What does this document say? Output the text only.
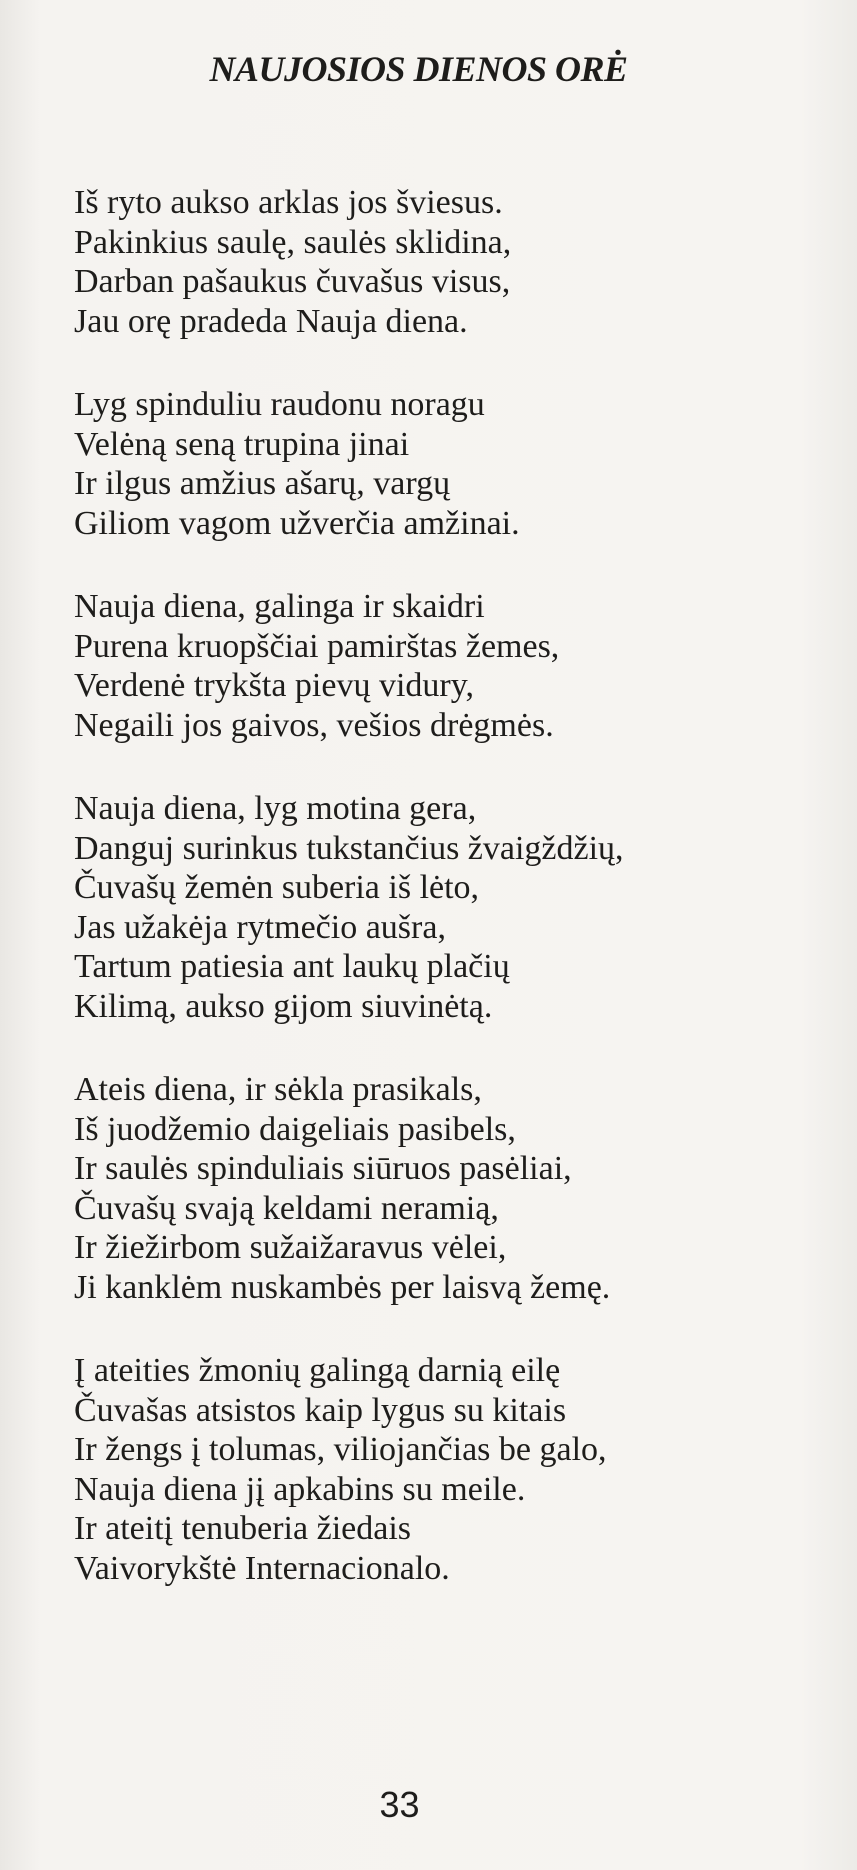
NAUJOSIOS DIENOS ORĖ
Iš ryto aukso arklas jos šviesus.
Pakinkius saulę, saulės sklidina,
Darban pašaukus čuvašus visus,
Jau orę pradeda Nauja diena.
Lyg spinduliu raudonu noragu
Velėną seną trupina jinai
Ir ilgus amžius ašarų, vargų
Giliom vagom užverčia amžinai.
Nauja diena, galinga ir skaidri
Purena kruopščiai pamirštas žemes,
Verdenė trykšta pievų vidury,
Negaili jos gaivos, vešios drėgmės.
Nauja diena, lyg motina gera,
Danguj surinkus tukstančius žvaigždžių,
Čuvašų žemėn suberia iš lėto,
Jas užakėja rytmečio aušra,
Tartum patiesia ant laukų plačių
Kilimą, aukso gijom siuvinėtą.
Ateis diena, ir sėkla prasikals,
Iš juodžemio daigeliais pasibels,
Ir saulės spinduliais siūruos pasėliai,
Čuvašų svają keldami neramią,
Ir žiežirbom sužaižaravus vėlei,
Ji kanklėm nuskambės per laisvą žemę.
Į ateities žmonių galingą darnią eilę
Čuvašas atsistos kaip lygus su kitais
Ir žengs į tolumas, viliojančias be galo,
Nauja diena jį apkabins su meile.
Ir ateitį tenuberia žiedais
Vaivorykštė Internacionalo.
33
